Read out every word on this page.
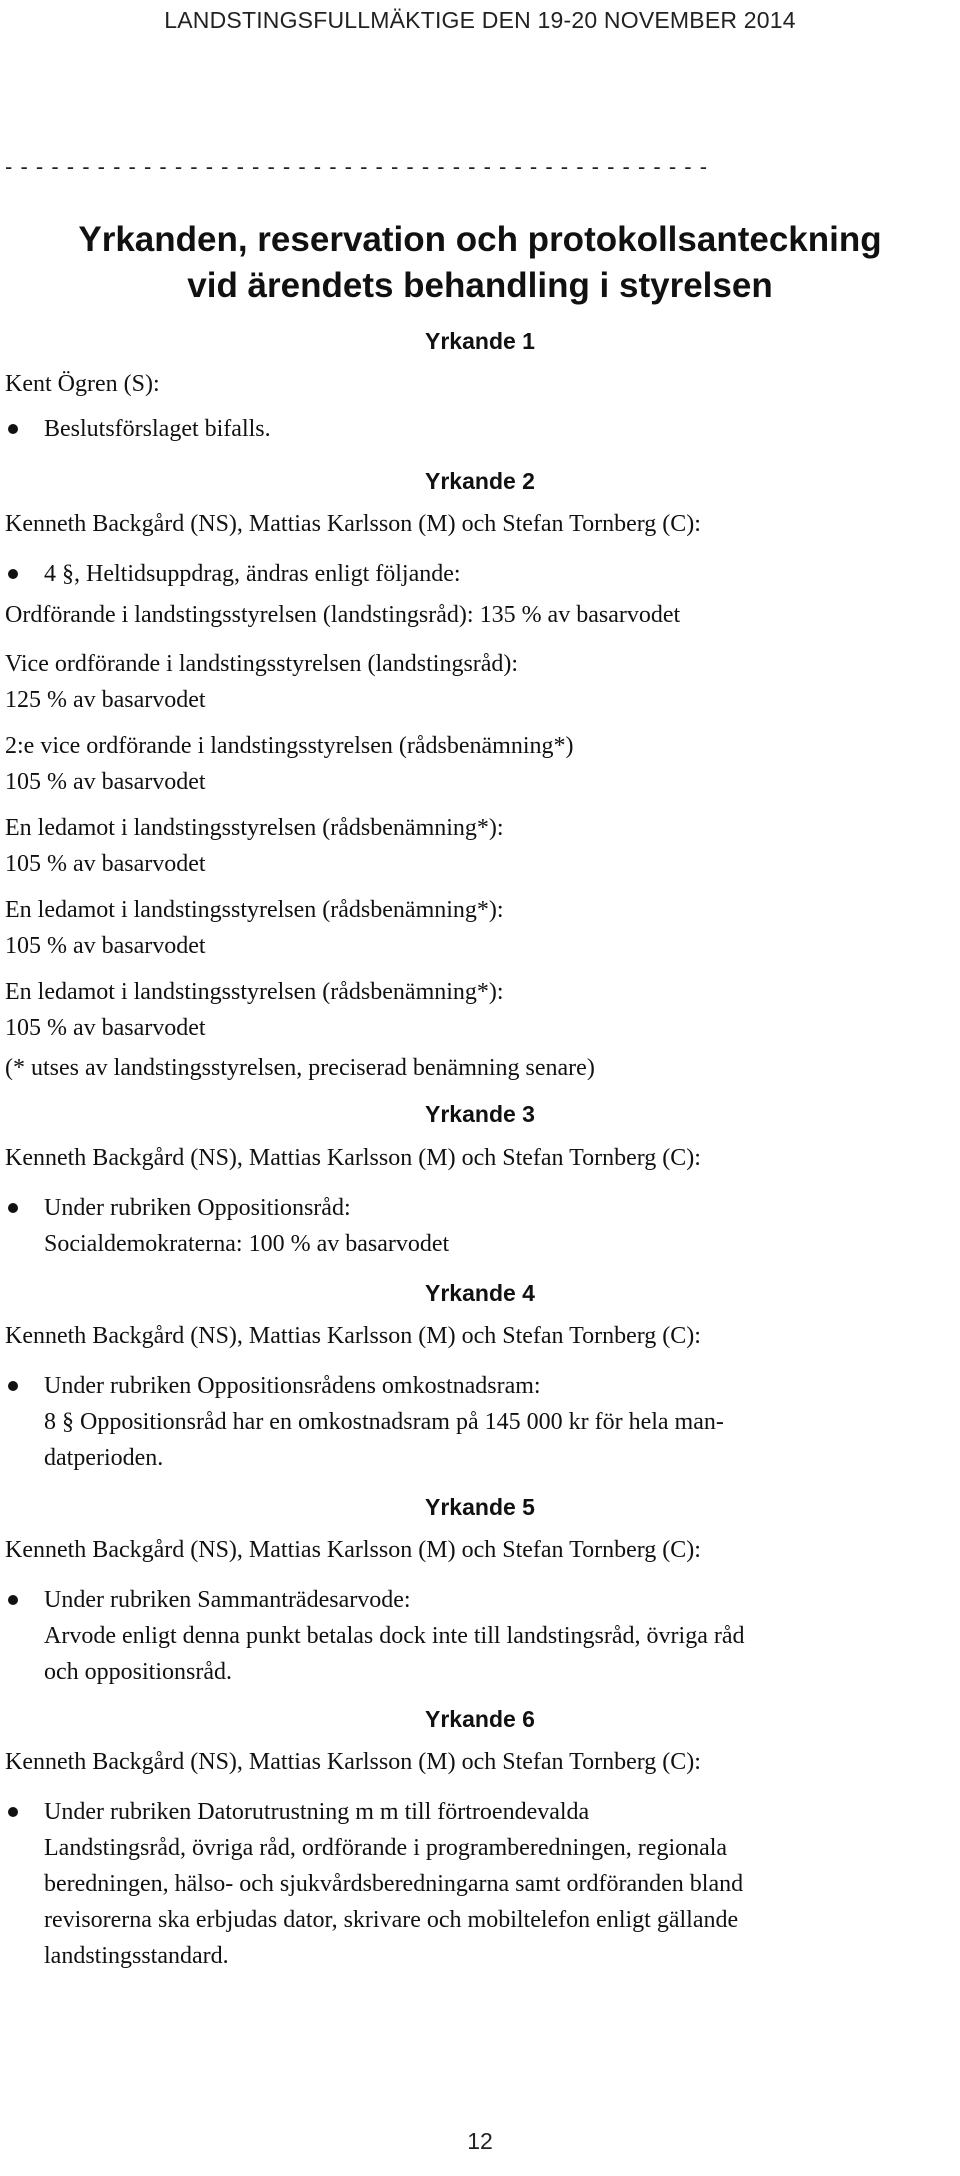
LANDSTINGSFULLMÄKTIGE DEN 19-20 NOVEMBER 2014
- - - - - - - - - - - - - - - - - - - - - - - - - - - - - - - - - - - - - - - - - - - - - -
Yrkanden, reservation och protokollsanteckning
vid ärendets behandling i styrelsen
Yrkande 1
Kent Ögren (S):
Beslutsförslaget bifalls.
Yrkande 2
Kenneth Backgård (NS), Mattias Karlsson (M) och Stefan Tornberg (C):
4 §, Heltidsuppdrag, ändras enligt följande:
Ordförande i landstingsstyrelsen (landstingsråd): 135 % av basarvodet
Vice ordförande i landstingsstyrelsen (landstingsråd):
125 % av basarvodet
2:e vice ordförande i landstingsstyrelsen (rådsbenämning*)
105 % av basarvodet
En ledamot i landstingsstyrelsen (rådsbenämning*):
105 % av basarvodet
En ledamot i landstingsstyrelsen (rådsbenämning*):
105 % av basarvodet
En ledamot i landstingsstyrelsen (rådsbenämning*):
105 % av basarvodet
(* utses av landstingsstyrelsen, preciserad benämning senare)
Yrkande 3
Kenneth Backgård (NS), Mattias Karlsson (M) och Stefan Tornberg (C):
Under rubriken Oppositionsråd:
Socialdemokraterna: 100 % av basarvodet
Yrkande 4
Kenneth Backgård (NS), Mattias Karlsson (M) och Stefan Tornberg (C):
Under rubriken Oppositionsrådens omkostnadsram:
8 § Oppositionsråd har en omkostnadsram på 145 000 kr för hela man-
datperioden.
Yrkande 5
Kenneth Backgård (NS), Mattias Karlsson (M) och Stefan Tornberg (C):
Under rubriken Sammanträdesarvode:
Arvode enligt denna punkt betalas dock inte till landstingsråd, övriga råd
och oppositionsråd.
Yrkande 6
Kenneth Backgård (NS), Mattias Karlsson (M) och Stefan Tornberg (C):
Under rubriken Datorutrustning m m till förtroendevalda
Landstingsråd, övriga råd, ordförande i programberedningen, regionala
beredningen, hälso- och sjukvårdsberedningarna samt ordföranden bland
revisorerna ska erbjudas dator, skrivare och mobiltelefon enligt gällande
landstingsstandard.
12
